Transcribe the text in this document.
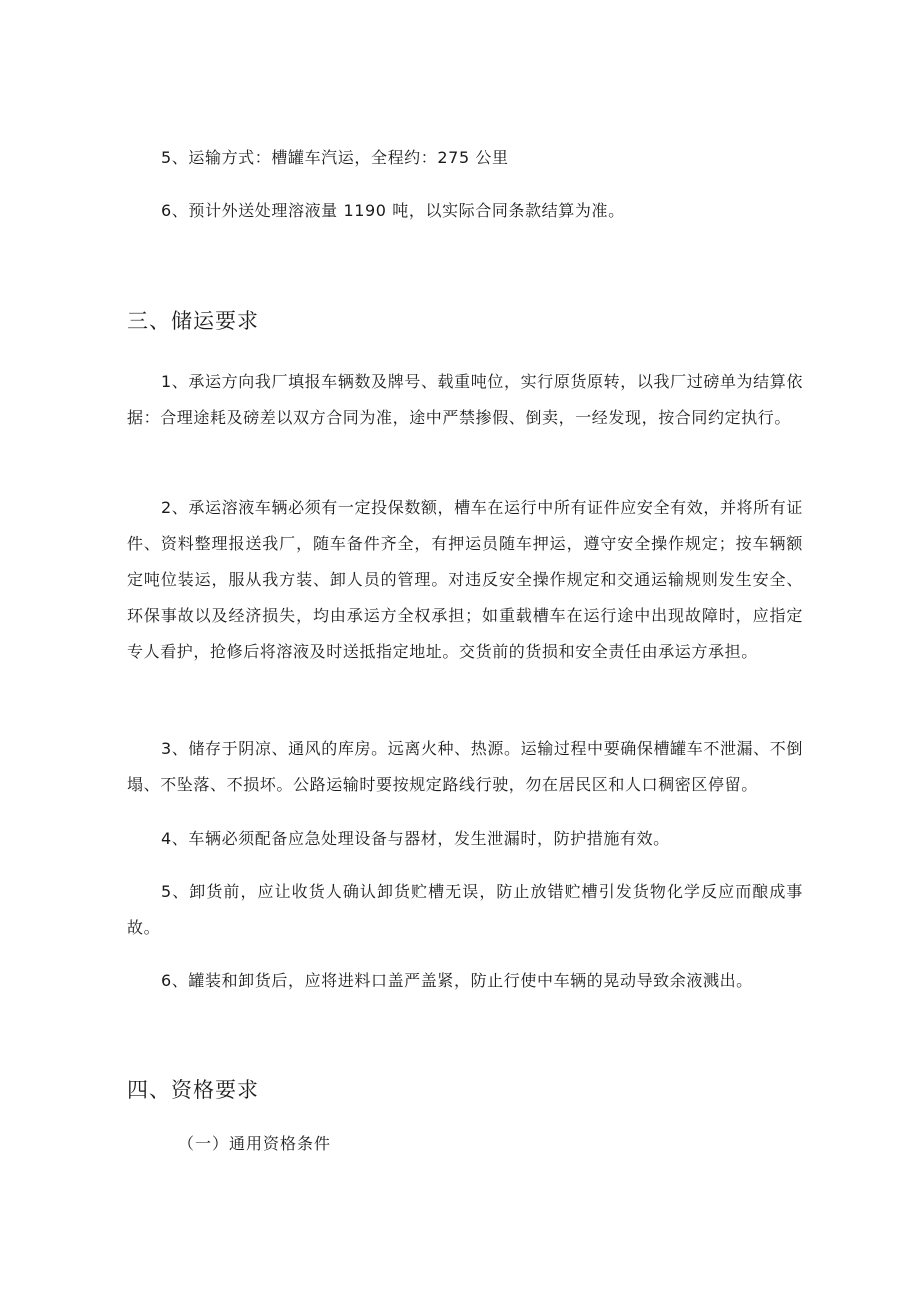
5、运输方式：槽罐车汽运，全程约：275 公里

6、预计外送处理溶液量 1190 吨，以实际合同条款结算为准。

三、储运要求

1、承运方向我厂填报车辆数及牌号、载重吨位，实行原货原转，以我厂过磅单为结算依据：合理途耗及磅差以双方合同为准，途中严禁掺假、倒卖，一经发现，按合同约定执行。

2、承运溶液车辆必须有一定投保数额，槽车在运行中所有证件应安全有效，并将所有证件、资料整理报送我厂，随车备件齐全，有押运员随车押运，遵守安全操作规定；按车辆额定吨位装运，服从我方装、卸人员的管理。对违反安全操作规定和交通运输规则发生安全、环保事故以及经济损失，均由承运方全权承担；如重载槽车在运行途中出现故障时，应指定专人看护，抢修后将溶液及时送抵指定地址。交货前的货损和安全责任由承运方承担。

3、储存于阴凉、通风的库房。远离火种、热源。运输过程中要确保槽罐车不泄漏、不倒塌、不坠落、不损坏。公路运输时要按规定路线行驶，勿在居民区和人口稠密区停留。

4、车辆必须配备应急处理设备与器材，发生泄漏时，防护措施有效。

5、卸货前，应让收货人确认卸货贮槽无误，防止放错贮槽引发货物化学反应而酿成事故。

6、罐装和卸货后，应将进料口盖严盖紧，防止行使中车辆的晃动导致余液溅出。

四、资格要求

（一）通用资格条件
